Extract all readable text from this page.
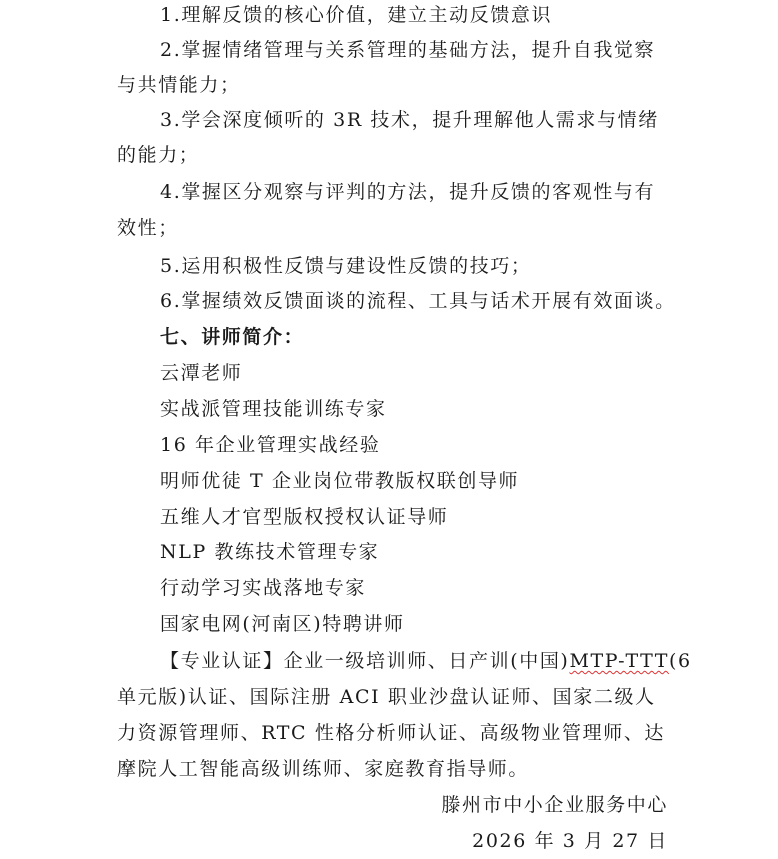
1.理解反馈的核心价值，建立主动反馈意识
2.掌握情绪管理与关系管理的基础方法，提升自我觉察
与共情能力；
3.学会深度倾听的 3R 技术，提升理解他人需求与情绪
的能力；
4.掌握区分观察与评判的方法，提升反馈的客观性与有
效性；
5.运用积极性反馈与建设性反馈的技巧；
6.掌握绩效反馈面谈的流程、工具与话术开展有效面谈。
七、讲师简介：
云潭老师
实战派管理技能训练专家
16 年企业管理实战经验
明师优徒 T 企业岗位带教版权联创导师
五维人才官型版权授权认证导师
NLP 教练技术管理专家
行动学习实战落地专家
国家电网(河南区)特聘讲师
【专业认证】企业一级培训师、日产训(中国)MTP-TTT(6
单元版)认证、国际注册 ACI 职业沙盘认证师、国家二级人
力资源管理师、RTC 性格分析师认证、高级物业管理师、达
摩院人工智能高级训练师、家庭教育指导师。
滕州市中小企业服务中心
2026 年 3 月 27 日
